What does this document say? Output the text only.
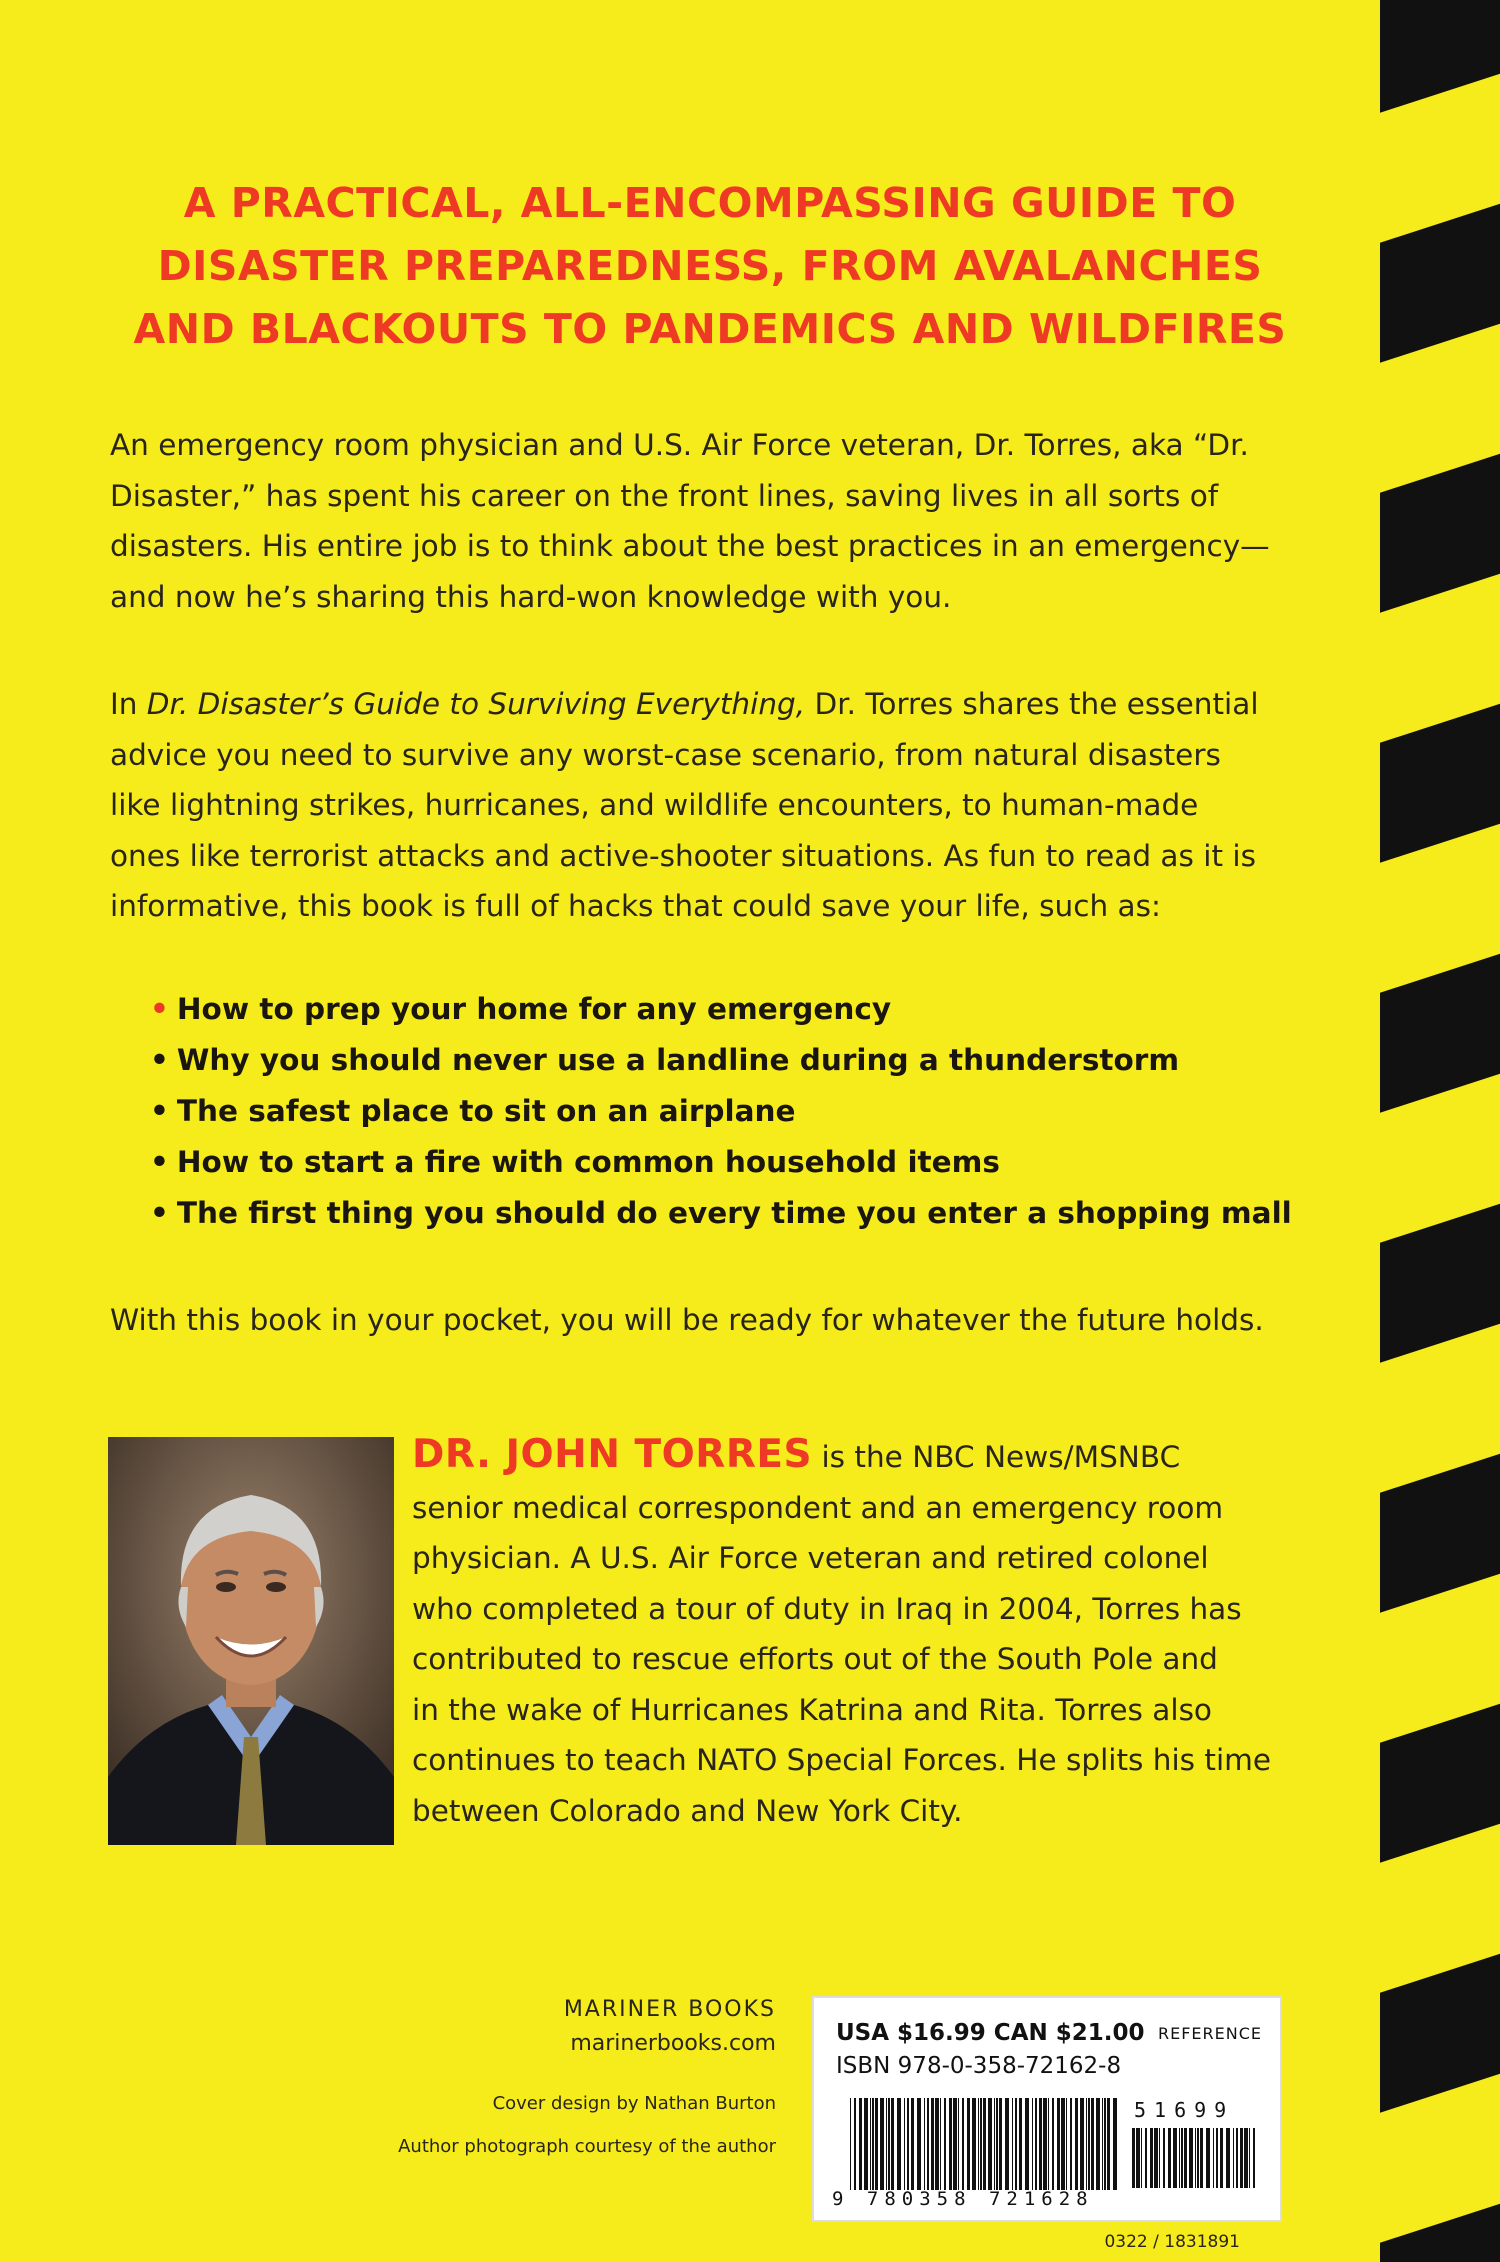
A PRACTICAL, ALL-ENCOMPASSING GUIDE TO
DISASTER PREPAREDNESS, FROM AVALANCHES
AND BLACKOUTS TO PANDEMICS AND WILDFIRES
An emergency room physician and U.S. Air Force veteran, Dr. Torres, aka “Dr.
Disaster,” has spent his career on the front lines, saving lives in all sorts of
disasters. His entire job is to think about the best practices in an emergency—
and now he’s sharing this hard-won knowledge with you.
In Dr. Disaster’s Guide to Surviving Everything, Dr. Torres shares the essential
advice you need to survive any worst-case scenario, from natural disasters
like lightning strikes, hurricanes, and wildlife encounters, to human-made
ones like terrorist attacks and active-shooter situations. As fun to read as it is
informative, this book is full of hacks that could save your life, such as:
• How to prep your home for any emergency
• Why you should never use a landline during a thunderstorm
• The safest place to sit on an airplane
• How to start a fire with common household items
• The first thing you should do every time you enter a shopping mall
With this book in your pocket, you will be ready for whatever the future holds.
DR. JOHN TORRES is the NBC News/MSNBC
senior medical correspondent and an emergency room
physician. A U.S. Air Force veteran and retired colonel
who completed a tour of duty in Iraq in 2004, Torres has
contributed to rescue efforts out of the South Pole and
in the wake of Hurricanes Katrina and Rita. Torres also
continues to teach NATO Special Forces. He splits his time
between Colorado and New York City.
MARINER BOOKS
marinerbooks.com
Cover design by Nathan Burton
Author photograph courtesy of the author
USA $16.99 CAN $21.00 REFERENCE
ISBN 978-0-358-72162-8
51699
9 780358 721628
0322 / 1831891
